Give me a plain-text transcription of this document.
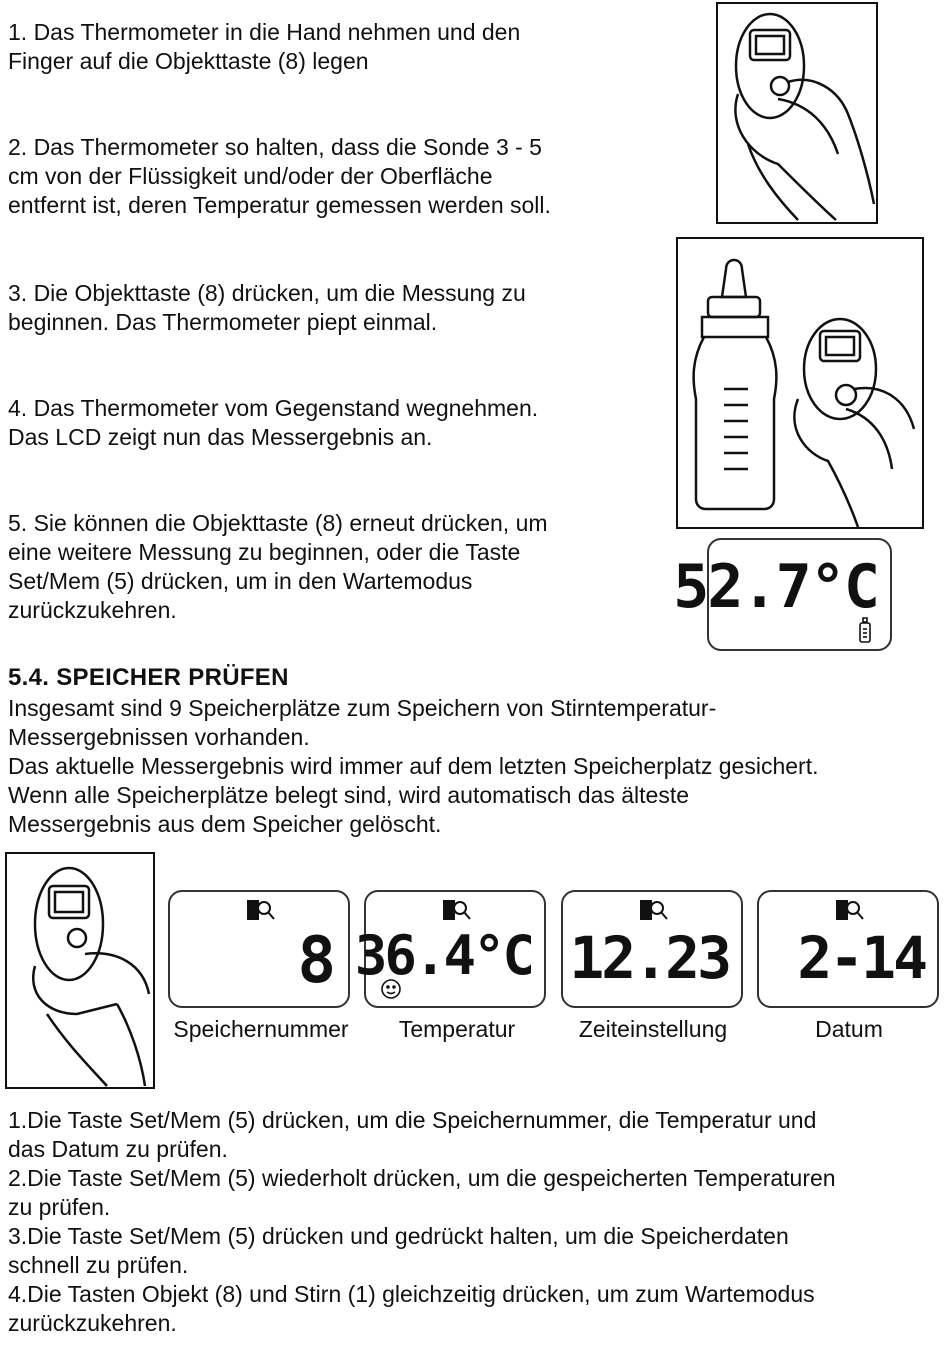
1. Das Thermometer in die Hand nehmen und den
Finger auf die Objekttaste (8) legen

2. Das Thermometer so halten, dass die Sonde 3 - 5
cm von der Flüssigkeit und/oder der Oberfläche
entfernt ist, deren Temperatur gemessen werden soll.

3. Die Objekttaste (8) drücken, um die Messung zu
beginnen. Das Thermometer piept einmal.

4. Das Thermometer vom Gegenstand wegnehmen.
Das LCD zeigt nun das Messergebnis an.

5. Sie können die Objekttaste (8) erneut drücken, um
eine weitere Messung zu beginnen, oder die Taste
Set/Mem (5) drücken, um in den Wartemodus
zurückzukehren.	52.7°C
5.4. SPEICHER PRÜFEN

Insgesamt sind 9 Speicherplätze zum Speichern von Stirntemperatur-
Messergebnissen vorhanden.
Das aktuelle Messergebnis wird immer auf dem letzten Speicherplatz gesichert.
Wenn alle Speicherplätze belegt sind, wird automatisch das älteste
Messergebnis aus dem Speicher gelöscht.

8
Speichernummer
36.4°C
Temperatur
12.23
Zeiteinstellung
2-14
Datum

1.Die Taste Set/Mem (5) drücken, um die Speichernummer, die Temperatur und
das Datum zu prüfen.
2.Die Taste Set/Mem (5) wiederholt drücken, um die gespeicherten Temperaturen
zu prüfen.
3.Die Taste Set/Mem (5) drücken und gedrückt halten, um die Speicherdaten
schnell zu prüfen.
4.Die Tasten Objekt (8) und Stirn (1) gleichzeitig drücken, um zum Wartemodus
zurückzukehren.
